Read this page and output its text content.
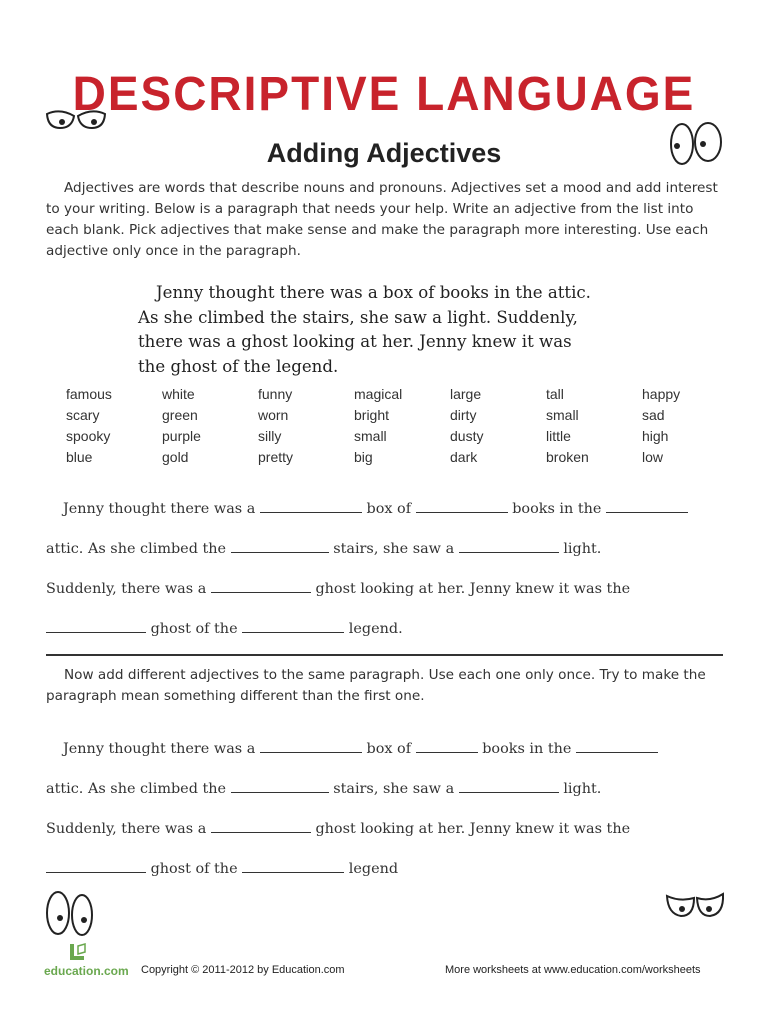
DESCRIPTIVE LANGUAGE
Adding Adjectives
Adjectives are words that describe nouns and pronouns. Adjectives set a mood and add interest to your writing. Below is a paragraph that needs your help. Write an adjective from the list into each blank. Pick adjectives that make sense and make the paragraph more interesting. Use each adjective only once in the paragraph.
Jenny thought there was a box of books in the attic.
As she climbed the stairs, she saw a light. Suddenly,
there was a ghost looking at her. Jenny knew it was
the ghost of the legend.
famous	white	funny	magical	large	tall	happy
scary	green	worn	bright	dirty	small	sad
spooky	purple	silly	small	dusty	little	high
blue	gold	pretty	big	dark	broken	low
Jenny thought there was a	box of	books in the
attic. As she climbed the	stairs, she saw a	light.
Suddenly, there was a	ghost looking at her. Jenny knew it was the
ghost of the	legend.
Now add different adjectives to the same paragraph. Use each one only once. Try to make the paragraph mean something different than the first one.
Jenny thought there was a	box of	books in the
attic. As she climbed the	stairs, she saw a	light.
Suddenly, there was a	ghost looking at her. Jenny knew it was the
ghost of the	legend
education.com Copyright © 2011-2012 by Education.com	More worksheets at www.education.com/worksheets
